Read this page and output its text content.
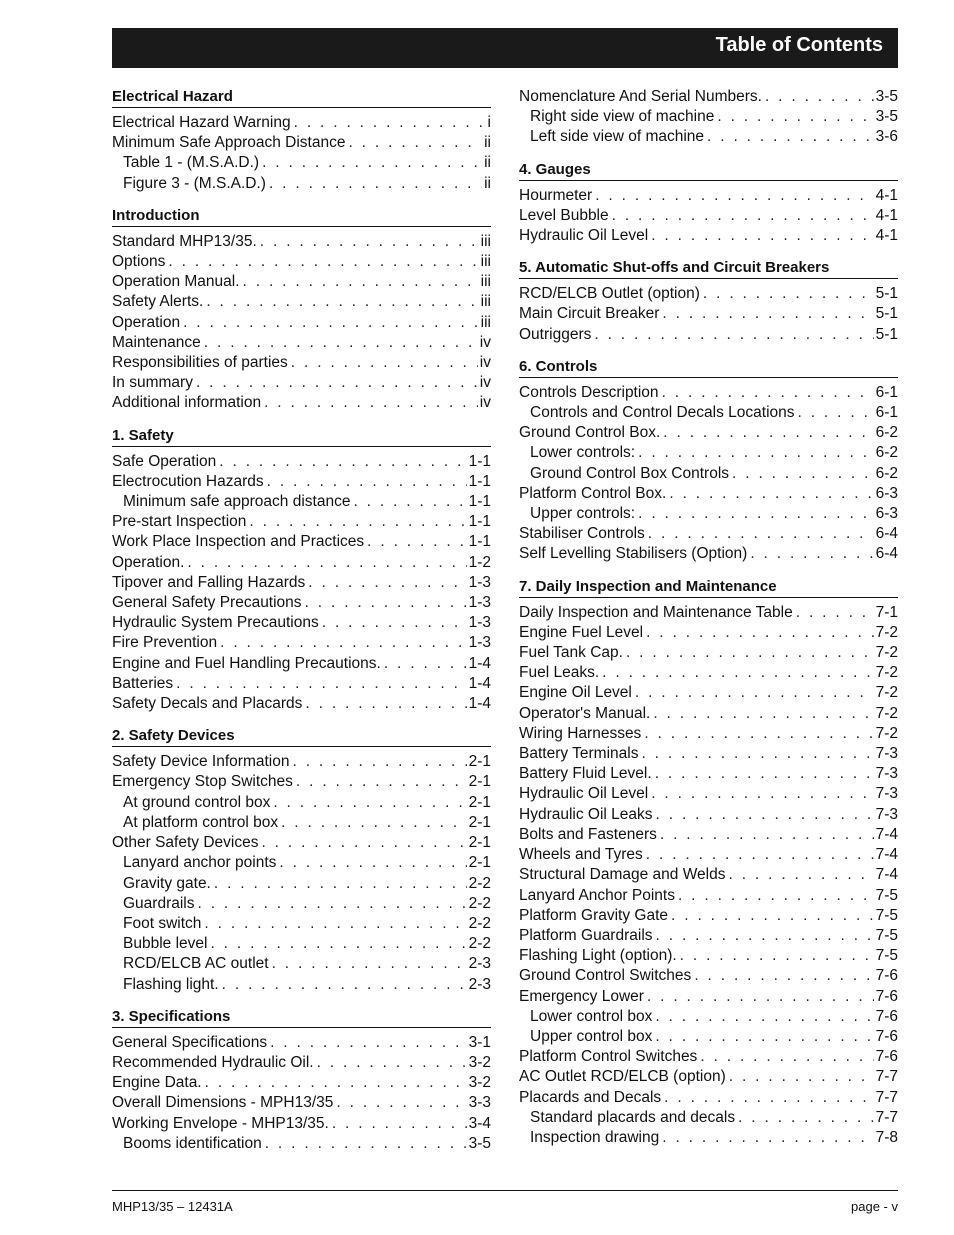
Table of Contents
Electrical Hazard
Electrical Hazard Warning . . .	i
Minimum Safe Approach Distance . . .	ii
Table 1 - (M.S.A.D.) . . .	ii
Figure 3 - (M.S.A.D.) . . .	ii
Introduction
Standard MHP13/35. . . .	iii
Options . . .	iii
Operation Manual. . . .	iii
Safety Alerts. . . .	iii
Operation . . .	iii
Maintenance . . .	iv
Responsibilities of parties . . .	iv
In summary . . .	iv
Additional information . . .	iv
1. Safety
Safe Operation . . .	1-1
Electrocution Hazards . . .	1-1
Minimum safe approach distance . . .	1-1
Pre-start Inspection . . .	1-1
Work Place Inspection and Practices . . .	1-1
Operation. . . .	1-2
Tipover and Falling Hazards . . .	1-3
General Safety Precautions . . .	1-3
Hydraulic System Precautions . . .	1-3
Fire Prevention . . .	1-3
Engine and Fuel Handling Precautions. . . .	1-4
Batteries . . .	1-4
Safety Decals and Placards . . .	1-4
2. Safety Devices
Safety Device Information . . .	2-1
Emergency Stop Switches . . .	2-1
At ground control box . . .	2-1
At platform control box . . .	2-1
Other Safety Devices . . .	2-1
Lanyard anchor points . . .	2-1
Gravity gate. . . .	2-2
Guardrails . . .	2-2
Foot switch . . .	2-2
Bubble level . . .	2-2
RCD/ELCB AC outlet . . .	2-3
Flashing light. . . .	2-3
3. Specifications
General Specifications . . .	3-1
Recommended Hydraulic Oil. . . .	3-2
Engine Data. . . .	3-2
Overall Dimensions - MPH13/35 . . .	3-3
Working Envelope - MHP13/35. . . .	3-4
Booms identification . . .	3-5
Nomenclature And Serial Numbers. . . .	3-5
Right side view of machine . . .	3-5
Left side view of machine . . .	3-6
4. Gauges
Hourmeter . . .	4-1
Level Bubble . . .	4-1
Hydraulic Oil Level . . .	4-1
5. Automatic Shut-offs and Circuit Breakers
RCD/ELCB Outlet (option) . . .	5-1
Main Circuit Breaker . . .	5-1
Outriggers . . .	5-1
6. Controls
Controls Description . . .	6-1
Controls and Control Decals Locations . . .	6-1
Ground Control Box. . . .	6-2
Lower controls: . . .	6-2
Ground Control Box Controls . . .	6-2
Platform Control Box. . . .	6-3
Upper controls: . . .	6-3
Stabiliser Controls . . .	6-4
Self Levelling Stabilisers (Option) . . .	6-4
7. Daily Inspection and Maintenance
Daily Inspection and Maintenance Table . . .	7-1
Engine Fuel Level . . .	7-2
Fuel Tank Cap. . . .	7-2
Fuel Leaks. . . .	7-2
Engine Oil Level . . .	7-2
Operator's Manual. . . .	7-2
Wiring Harnesses . . .	7-2
Battery Terminals . . .	7-3
Battery Fluid Level. . . .	7-3
Hydraulic Oil Level . . .	7-3
Hydraulic Oil Leaks . . .	7-3
Bolts and Fasteners . . .	7-4
Wheels and Tyres . . .	7-4
Structural Damage and Welds . . .	7-4
Lanyard Anchor Points . . .	7-5
Platform Gravity Gate . . .	7-5
Platform Guardrails . . .	7-5
Flashing Light (option). . . .	7-5
Ground Control Switches . . .	7-6
Emergency Lower . . .	7-6
Lower control box . . .	7-6
Upper control box . . .	7-6
Platform Control Switches . . .	7-6
AC Outlet RCD/ELCB (option) . . .	7-7
Placards and Decals . . .	7-7
Standard placards and decals . . .	7-7
Inspection drawing . . .	7-8
MHP13/35 – 12431A	page - v
